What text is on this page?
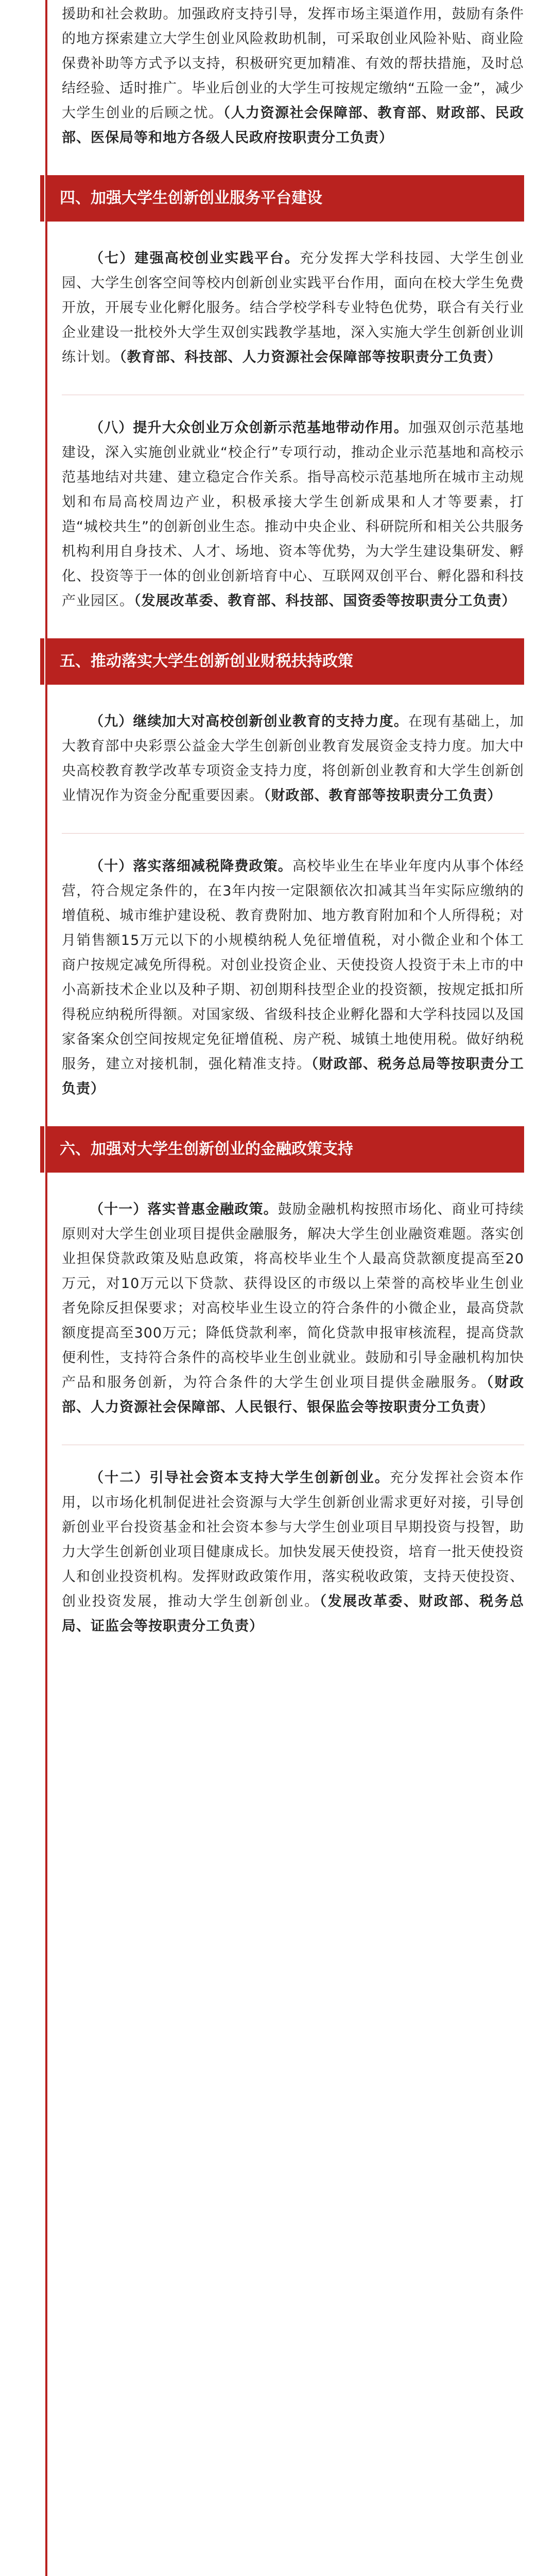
援助和社会救助。加强政府支持引导，发挥市场主渠道作用，鼓励有条件的地方探索建立大学生创业风险救助机制，可采取创业风险补贴、商业险保费补助等方式予以支持，积极研究更加精准、有效的帮扶措施，及时总结经验、适时推广。毕业后创业的大学生可按规定缴纳“五险一金”，减少大学生创业的后顾之忧。（人力资源社会保障部、教育部、财政部、民政部、医保局等和地方各级人民政府按职责分工负责）

四、加强大学生创新创业服务平台建设

（七）建强高校创业实践平台。充分发挥大学科技园、大学生创业园、大学生创客空间等校内创新创业实践平台作用，面向在校大学生免费开放，开展专业化孵化服务。结合学校学科专业特色优势，联合有关行业企业建设一批校外大学生双创实践教学基地，深入实施大学生创新创业训练计划。（教育部、科技部、人力资源社会保障部等按职责分工负责）

（八）提升大众创业万众创新示范基地带动作用。加强双创示范基地建设，深入实施创业就业“校企行”专项行动，推动企业示范基地和高校示范基地结对共建、建立稳定合作关系。指导高校示范基地所在城市主动规划和布局高校周边产业，积极承接大学生创新成果和人才等要素，打造“城校共生”的创新创业生态。推动中央企业、科研院所和相关公共服务机构利用自身技术、人才、场地、资本等优势，为大学生建设集研发、孵化、投资等于一体的创业创新培育中心、互联网双创平台、孵化器和科技产业园区。（发展改革委、教育部、科技部、国资委等按职责分工负责）

五、推动落实大学生创新创业财税扶持政策

（九）继续加大对高校创新创业教育的支持力度。在现有基础上，加大教育部中央彩票公益金大学生创新创业教育发展资金支持力度。加大中央高校教育教学改革专项资金支持力度，将创新创业教育和大学生创新创业情况作为资金分配重要因素。（财政部、教育部等按职责分工负责）

（十）落实落细减税降费政策。高校毕业生在毕业年度内从事个体经营，符合规定条件的，在3年内按一定限额依次扣减其当年实际应缴纳的增值税、城市维护建设税、教育费附加、地方教育附加和个人所得税；对月销售额15万元以下的小规模纳税人免征增值税，对小微企业和个体工商户按规定减免所得税。对创业投资企业、天使投资人投资于未上市的中小高新技术企业以及种子期、初创期科技型企业的投资额，按规定抵扣所得税应纳税所得额。对国家级、省级科技企业孵化器和大学科技园以及国家备案众创空间按规定免征增值税、房产税、城镇土地使用税。做好纳税服务，建立对接机制，强化精准支持。（财政部、税务总局等按职责分工负责）

六、加强对大学生创新创业的金融政策支持

（十一）落实普惠金融政策。鼓励金融机构按照市场化、商业可持续原则对大学生创业项目提供金融服务，解决大学生创业融资难题。落实创业担保贷款政策及贴息政策，将高校毕业生个人最高贷款额度提高至20万元，对10万元以下贷款、获得设区的市级以上荣誉的高校毕业生创业者免除反担保要求；对高校毕业生设立的符合条件的小微企业，最高贷款额度提高至300万元；降低贷款利率，简化贷款申报审核流程，提高贷款便利性，支持符合条件的高校毕业生创业就业。鼓励和引导金融机构加快产品和服务创新，为符合条件的大学生创业项目提供金融服务。（财政部、人力资源社会保障部、人民银行、银保监会等按职责分工负责）

（十二）引导社会资本支持大学生创新创业。充分发挥社会资本作用，以市场化机制促进社会资源与大学生创新创业需求更好对接，引导创新创业平台投资基金和社会资本参与大学生创业项目早期投资与投智，助力大学生创新创业项目健康成长。加快发展天使投资，培育一批天使投资人和创业投资机构。发挥财政政策作用，落实税收政策，支持天使投资、创业投资发展，推动大学生创新创业。（发展改革委、财政部、税务总局、证监会等按职责分工负责）
